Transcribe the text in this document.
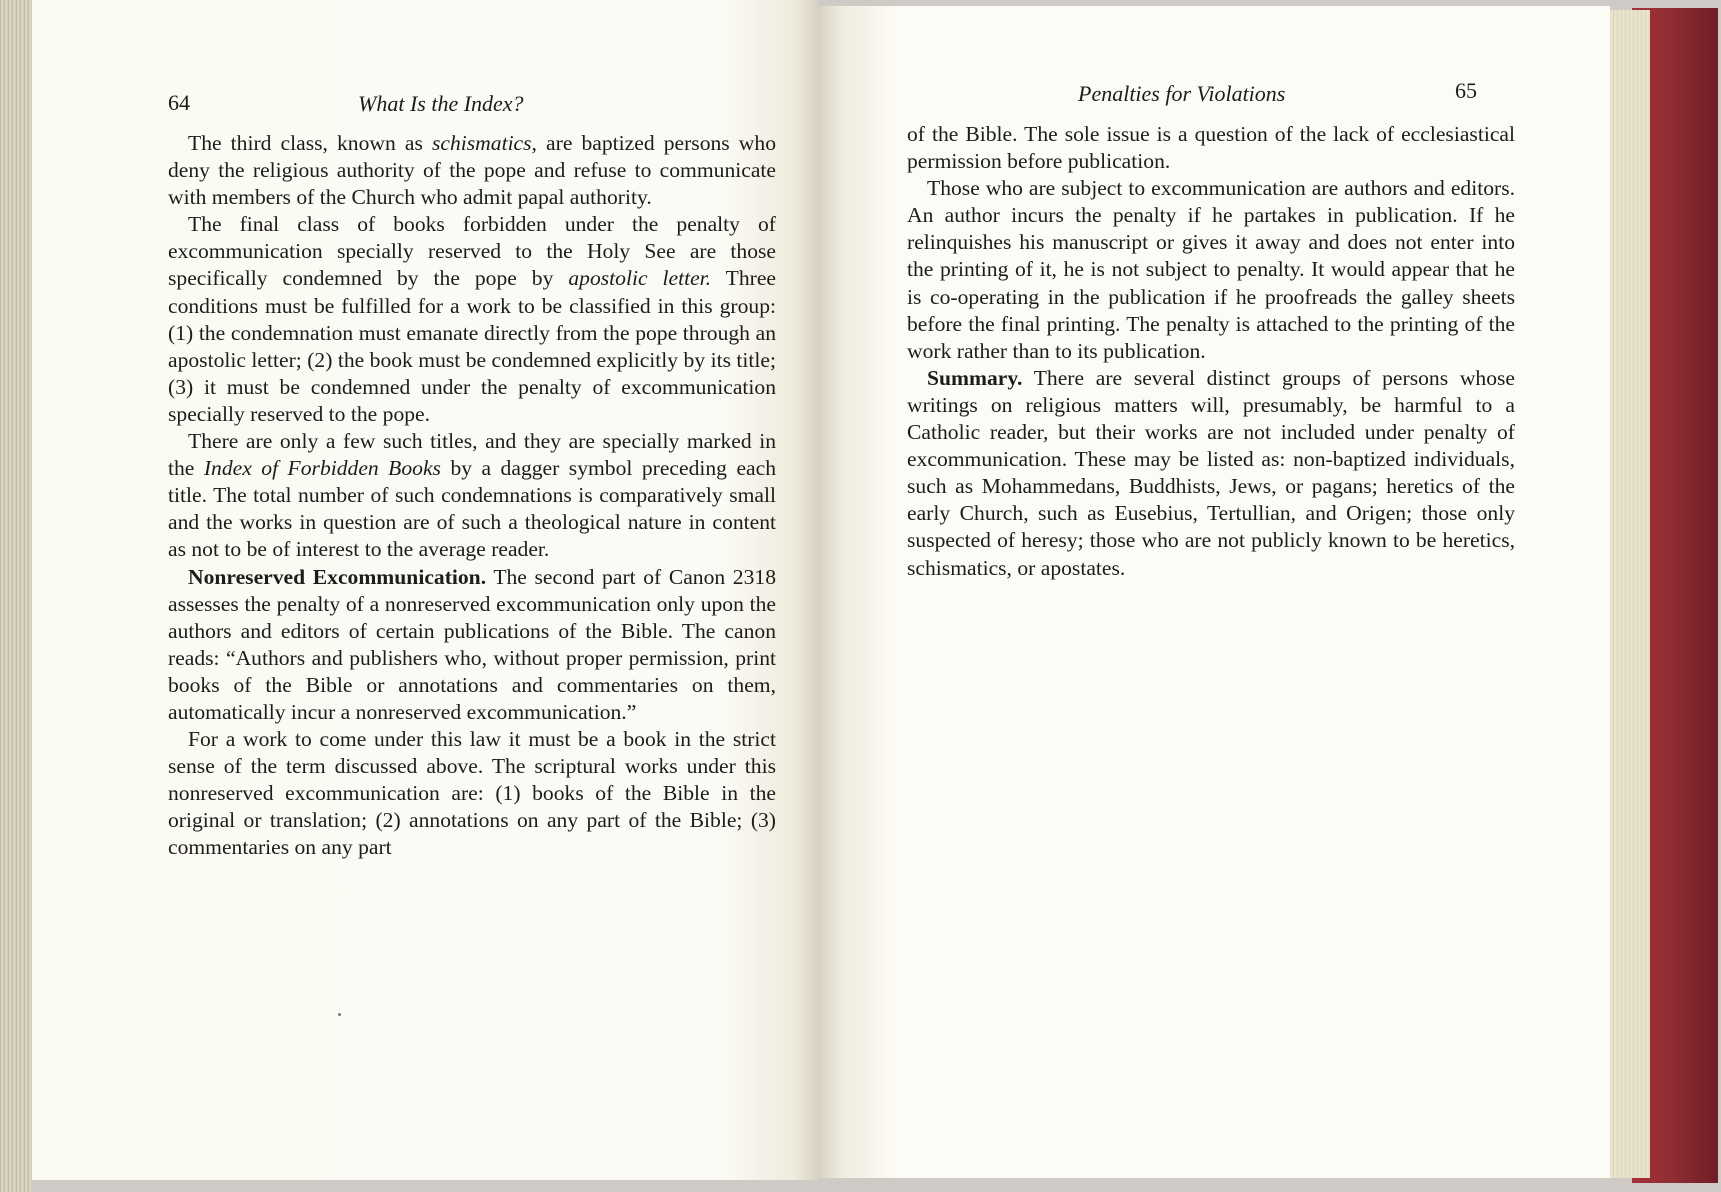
64	What Is the Index?

The third class, known as schismatics, are baptized persons who deny the religious authority of the pope and refuse to communicate with members of the Church who admit papal authority.

The final class of books forbidden under the penalty of excommunication specially reserved to the Holy See are those specifically condemned by the pope by apostolic letter. Three conditions must be fulfilled for a work to be classified in this group: (1) the condemnation must emanate directly from the pope through an apostolic letter; (2) the book must be condemned explicitly by its title; (3) it must be condemned under the penalty of excommunication specially reserved to the pope.

There are only a few such titles, and they are specially marked in the Index of Forbidden Books by a dagger symbol preceding each title. The total number of such condemnations is comparatively small and the works in question are of such a theological nature in content as not to be of interest to the average reader.

Nonreserved Excommunication. The second part of Canon 2318 assesses the penalty of a nonreserved excommunication only upon the authors and editors of certain publications of the Bible. The canon reads: “Authors and publishers who, without proper permission, print books of the Bible or annotations and commentaries on them, automatically incur a nonreserved excommunication.”

For a work to come under this law it must be a book in the strict sense of the term discussed above. The scriptural works under this nonreserved excommunication are: (1) books of the Bible in the original or translation; (2) annotations on any part of the Bible; (3) commentaries on any part

Penalties for Violations	65

of the Bible. The sole issue is a question of the lack of ecclesiastical permission before publication.

Those who are subject to excommunication are authors and editors. An author incurs the penalty if he partakes in publication. If he relinquishes his manuscript or gives it away and does not enter into the printing of it, he is not subject to penalty. It would appear that he is co-operating in the publication if he proofreads the galley sheets before the final printing. The penalty is attached to the printing of the work rather than to its publication.

Summary. There are several distinct groups of persons whose writings on religious matters will, presumably, be harmful to a Catholic reader, but their works are not included under penalty of excommunication. These may be listed as: non-baptized individuals, such as Mohammedans, Buddhists, Jews, or pagans; heretics of the early Church, such as Eusebius, Tertullian, and Origen; those only suspected of heresy; those who are not publicly known to be heretics, schismatics, or apostates.
